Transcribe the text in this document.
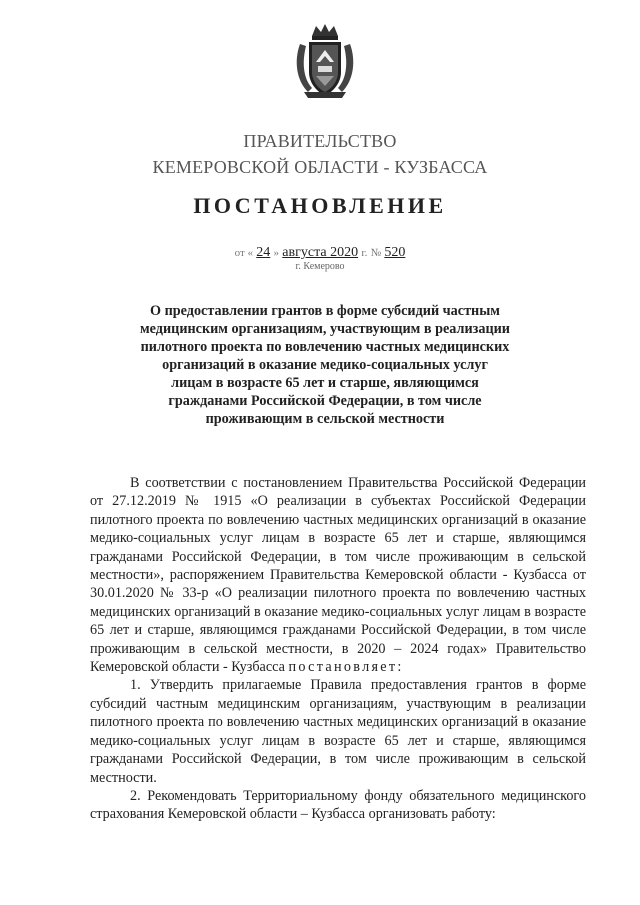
ПРАВИТЕЛЬСТВО
КЕМЕРОВСКОЙ ОБЛАСТИ - КУЗБАССА
ПОСТАНОВЛЕНИЕ
от « 24 » августа 2020 г. № 520
г. Кемерово
О предоставлении грантов в форме субсидий частным медицинским организациям, участвующим в реализации пилотного проекта по вовлечению частных медицинских организаций в оказание медико-социальных услуг лицам в возрасте 65 лет и старше, являющимся гражданами Российской Федерации, в том числе проживающим в сельской местности

В соответствии с постановлением Правительства Российской Федерации от 27.12.2019 № 1915 «О реализации в субъектах Российской Федерации пилотного проекта по вовлечению частных медицинских организаций в оказание медико-социальных услуг лицам в возрасте 65 лет и старше, являющимся гражданами Российской Федерации, в том числе проживающим в сельской местности», распоряжением Правительства Кемеровской области - Кузбасса от 30.01.2020 № 33-р «О реализации пилотного проекта по вовлечению частных медицинских организаций в оказание медико-социальных услуг лицам в возрасте 65 лет и старше, являющимся гражданами Российской Федерации, в том числе проживающим в сельской местности, в 2020 – 2024 годах» Правительство Кемеровской области - Кузбасса постановляет:

1. Утвердить прилагаемые Правила предоставления грантов в форме субсидий частным медицинским организациям, участвующим в реализации пилотного проекта по вовлечению частных медицинских организаций в оказание медико-социальных услуг лицам в возрасте 65 лет и старше, являющимся гражданами Российской Федерации, в том числе проживающим в сельской местности.

2. Рекомендовать Территориальному фонду обязательного медицинского страхования Кемеровской области – Кузбасса организовать работу:
